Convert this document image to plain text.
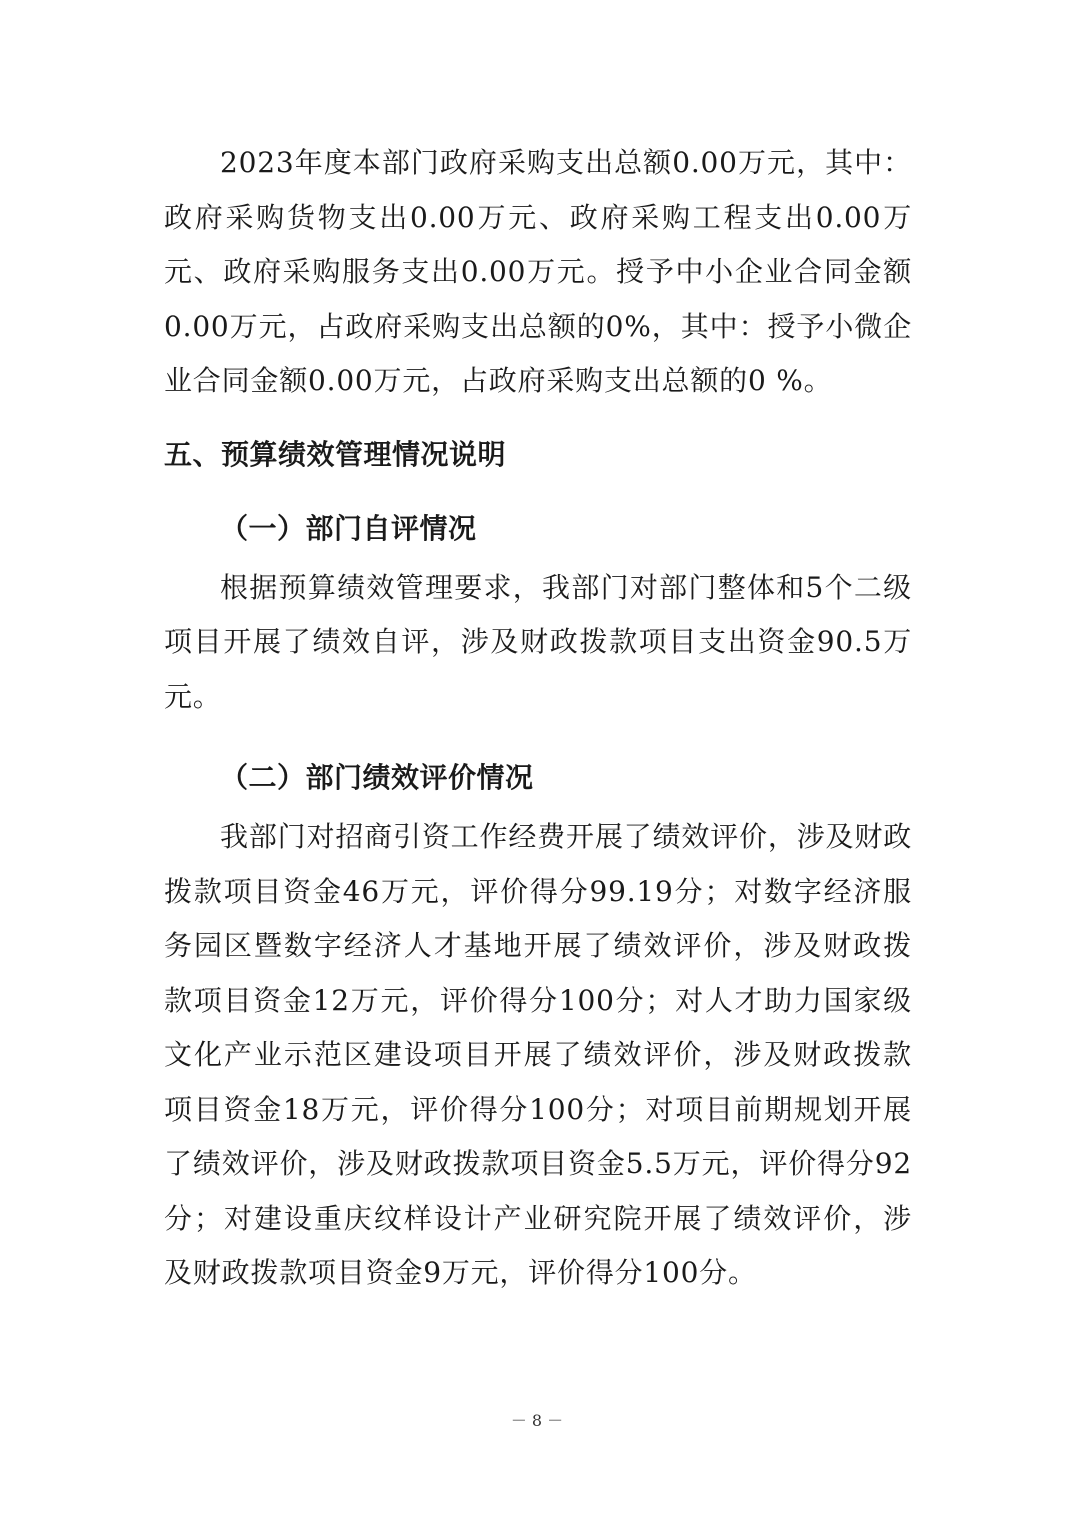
2023年度本部门政府采购支出总额0.00万元，其中：政府采购货物支出0.00万元、政府采购工程支出0.00万元、政府采购服务支出0.00万元。授予中小企业合同金额0.00万元，占政府采购支出总额的0%，其中：授予小微企业合同金额0.00万元，占政府采购支出总额的0 %。

五、预算绩效管理情况说明
（一）部门自评情况

根据预算绩效管理要求，我部门对部门整体和5个二级项目开展了绩效自评，涉及财政拨款项目支出资金90.5万元。

（二）部门绩效评价情况

我部门对招商引资工作经费开展了绩效评价，涉及财政拨款项目资金46万元，评价得分99.19分；对数字经济服务园区暨数字经济人才基地开展了绩效评价，涉及财政拨款项目资金12万元，评价得分100分；对人才助力国家级文化产业示范区建设项目开展了绩效评价，涉及财政拨款项目资金18万元，评价得分100分；对项目前期规划开展了绩效评价，涉及财政拨款项目资金5.5万元，评价得分92分；对建设重庆纹样设计产业研究院开展了绩效评价，涉及财政拨款项目资金9万元，评价得分100分。

－ 8 －
